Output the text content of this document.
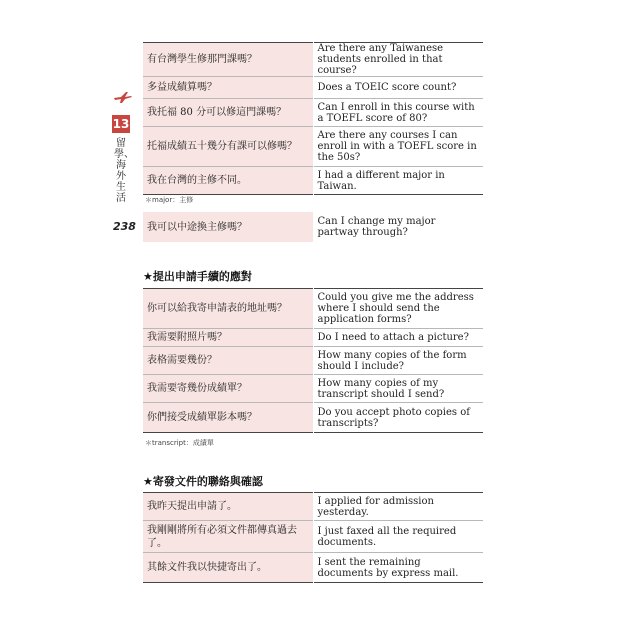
13
留學、海外生活
238
有台灣學生修那門課嗎？	Are there any Taiwanese students enrolled in that course?
多益成績算嗎？	Does a TOEIC score count?
我托福 80 分可以修這門課嗎？	Can I enroll in this course with a TOEFL score of 80?
托福成績五十幾分有課可以修嗎？	Are there any courses I can enroll in with a TOEFL score in the 50s?
我在台灣的主修不同。	I had a different major in Taiwan.
＊major：主修
我可以中途換主修嗎？	Can I change my major partway through?
★提出申請手續的應對
你可以給我寄申請表的地址嗎？	Could you give me the address where I should send the application forms?
我需要附照片嗎？	Do I need to attach a picture?
表格需要幾份？	How many copies of the form should I include?
我需要寄幾份成績單？	How many copies of my transcript should I send?
你們接受成績單影本嗎？	Do you accept photo copies of transcripts?
＊transcript：成績單
★寄發文件的聯絡與確認
我昨天提出申請了。	I applied for admission yesterday.
我剛剛將所有必須文件都傳真過去了。	I just faxed all the required documents.
其餘文件我以快捷寄出了。	I sent the remaining documents by express mail.
